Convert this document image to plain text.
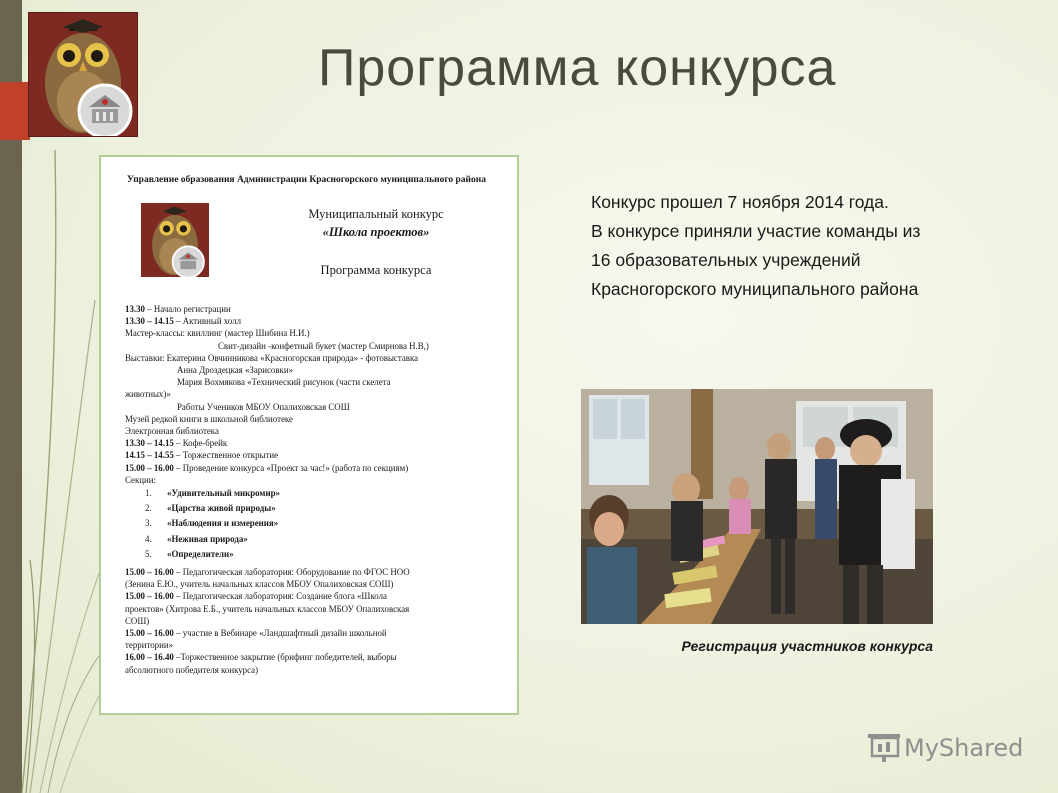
Программа конкурса
Управление образования Администрации Красногорского муниципального района
Муниципальный конкурс
«Школа проектов»
Программа конкурса
13.30 – Начало регистрации
13.30 – 14.15 – Активный холл
Мастер-классы: квиллинг (мастер Шибина Н.И.)
Свит-дизайн -конфетный букет (мастер Смирнова Н.В,)
Выставки: Екатерина Овчинникова «Красногорская природа» - фотовыставка
Анна Дроздецкая «Зарисовки»
Мария Вохмякова «Технический рисунок (части скелета
животных)»
Работы Учеников МБОУ Опалиховская СОШ
Музей редкой книги в школьной библиотеке
Электронная библиотека
13.30 – 14.15 – Кофе-брейк
14.15 – 14.55 – Торжественное открытие
15.00 – 16.00 – Проведение конкурса «Проект за час!» (работа по секциям)
Секции:
1. «Удивительный микромир»
2. «Царства живой природы»
3. «Наблюдения и измерения»
4. «Неживая природа»
5. «Определители»
15.00 – 16.00 – Педагогическая лаборатория: Оборудование по ФГОС НОО
(Зенина Е.Ю., учитель начальных классов МБОУ Опалиховская СОШ)
15.00 – 16.00 – Педагогическая лаборатория: Создание блога «Школа
проектов» (Хитрова Е.Б., учитель начальных классов МБОУ Опалиховская
СОШ)
15.00 – 16.00 – участие в Вебинаре «Ландшафтный дизайн школьной
территории»
16.00 – 16.40 –Торжественное закрытие (брифинг победителей, выборы
абсолютного победителя конкурса)
Конкурс прошел 7 ноября 2014 года.
В конкурсе приняли участие команды из
16 образовательных учреждений
Красногорского муниципального района
Регистрация участников конкурса
MyShared
